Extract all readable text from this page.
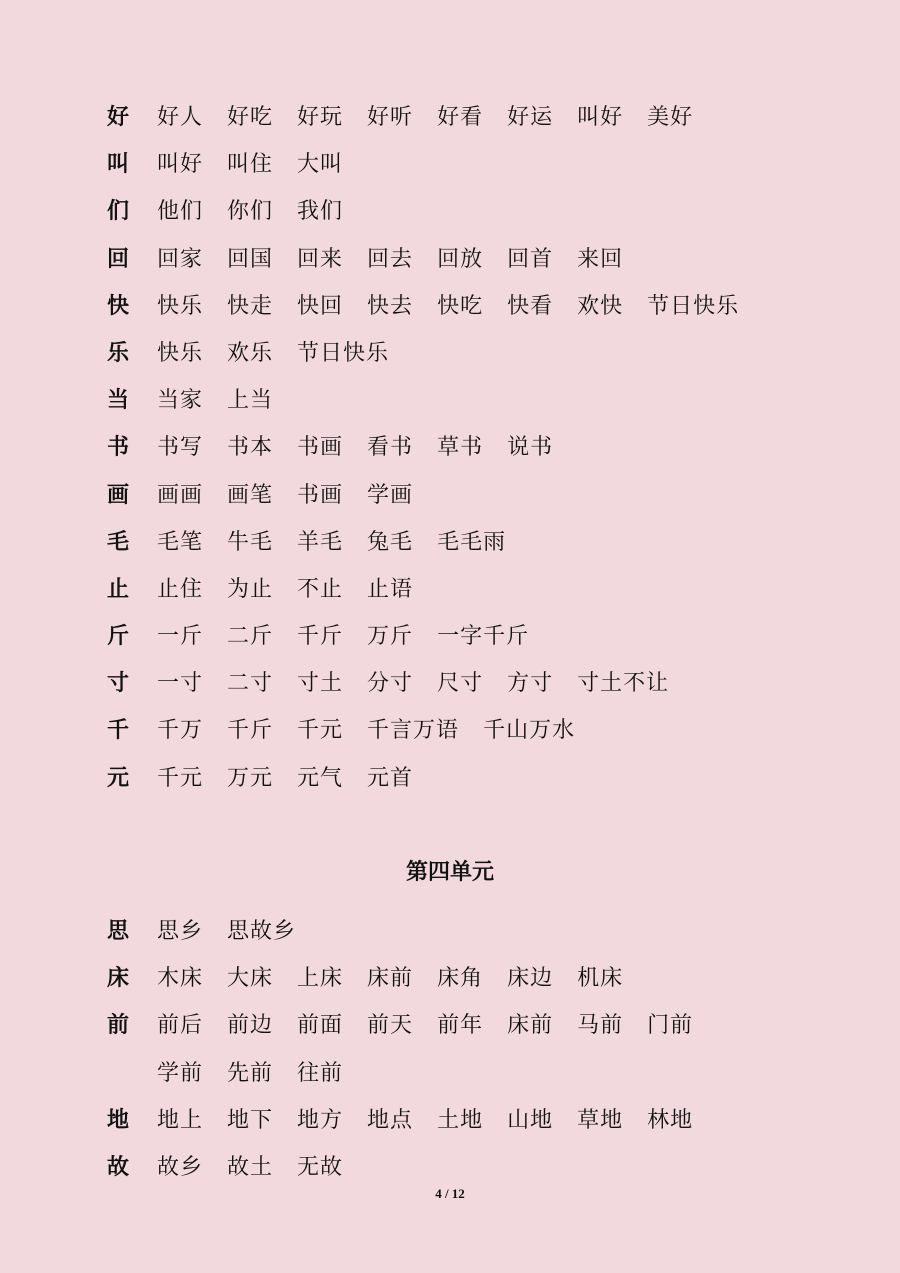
好 好人 好吃 好玩 好听 好看 好运 叫好 美好
叫 叫好 叫住 大叫
们 他们 你们 我们
回 回家 回国 回来 回去 回放 回首 来回
快 快乐 快走 快回 快去 快吃 快看 欢快 节日快乐
乐 快乐 欢乐 节日快乐
当 当家 上当
书 书写 书本 书画 看书 草书 说书
画 画画 画笔 书画 学画
毛 毛笔 牛毛 羊毛 兔毛 毛毛雨
止 止住 为止 不止 止语
斤 一斤 二斤 千斤 万斤 一字千斤
寸 一寸 二寸 寸土 分寸 尺寸 方寸 寸土不让
千 千万 千斤 千元 千言万语 千山万水
元 千元 万元 元气 元首
第四单元
思 思乡 思故乡
床 木床 大床 上床 床前 床角 床边 机床
前 前后 前边 前面 前天 前年 床前 马前 门前
学前 先前 往前
地 地上 地下 地方 地点 土地 山地 草地 林地
故 故乡 故土 无故
4 / 12
